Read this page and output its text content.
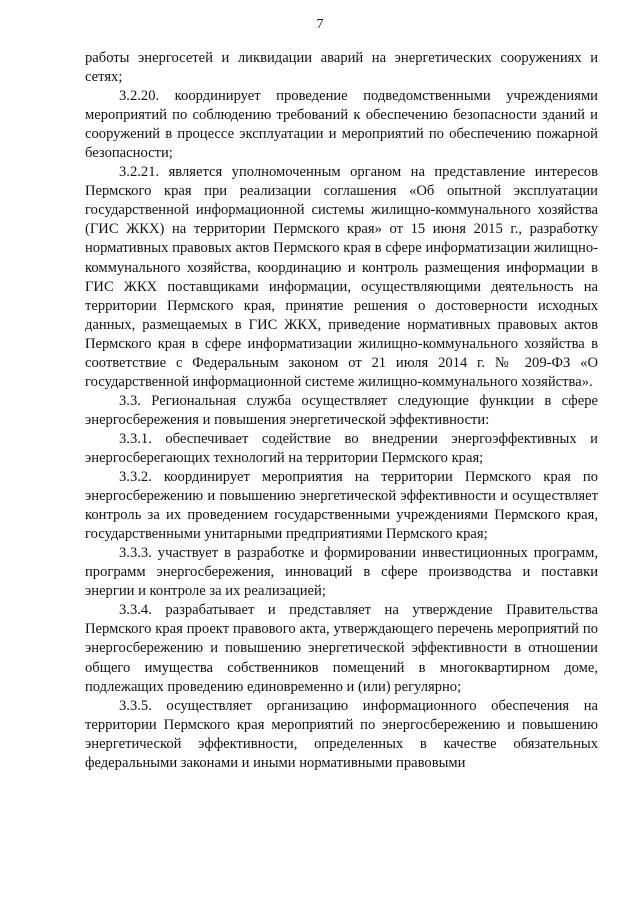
7

работы энергосетей и ликвидации аварий на энергетических сооружениях и сетях;

3.2.20. координирует проведение подведомственными учреждениями мероприятий по соблюдению требований к обеспечению безопасности зданий и сооружений в процессе эксплуатации и мероприятий по обеспечению пожарной безопасности;

3.2.21. является уполномоченным органом на представление интересов Пермского края при реализации соглашения «Об опытной эксплуатации государственной информационной системы жилищно-коммунального хозяйства (ГИС ЖКХ) на территории Пермского края» от 15 июня 2015 г., разработку нормативных правовых актов Пермского края в сфере информатизации жилищно-коммунального хозяйства, координацию и контроль размещения информации в ГИС ЖКХ поставщиками информации, осуществляющими деятельность на территории Пермского края, принятие решения о достоверности исходных данных, размещаемых в ГИС ЖКХ, приведение нормативных правовых актов Пермского края в сфере информатизации жилищно-коммунального хозяйства в соответствие с Федеральным законом от 21 июля 2014 г. № 209-ФЗ «О государственной информационной системе жилищно-коммунального хозяйства».

3.3. Региональная служба осуществляет следующие функции в сфере энергосбережения и повышения энергетической эффективности:

3.3.1. обеспечивает содействие во внедрении энергоэффективных и энергосберегающих технологий на территории Пермского края;

3.3.2. координирует мероприятия на территории Пермского края по энергосбережению и повышению энергетической эффективности и осуществляет контроль за их проведением государственными учреждениями Пермского края, государственными унитарными предприятиями Пермского края;

3.3.3. участвует в разработке и формировании инвестиционных программ, программ энергосбережения, инноваций в сфере производства и поставки энергии и контроле за их реализацией;

3.3.4. разрабатывает и представляет на утверждение Правительства Пермского края проект правового акта, утверждающего перечень мероприятий по энергосбережению и повышению энергетической эффективности в отношении общего имущества собственников помещений в многоквартирном доме, подлежащих проведению единовременно и (или) регулярно;

3.3.5. осуществляет организацию информационного обеспечения на территории Пермского края мероприятий по энергосбережению и повышению энергетической эффективности, определенных в качестве обязательных федеральными законами и иными нормативными правовыми
